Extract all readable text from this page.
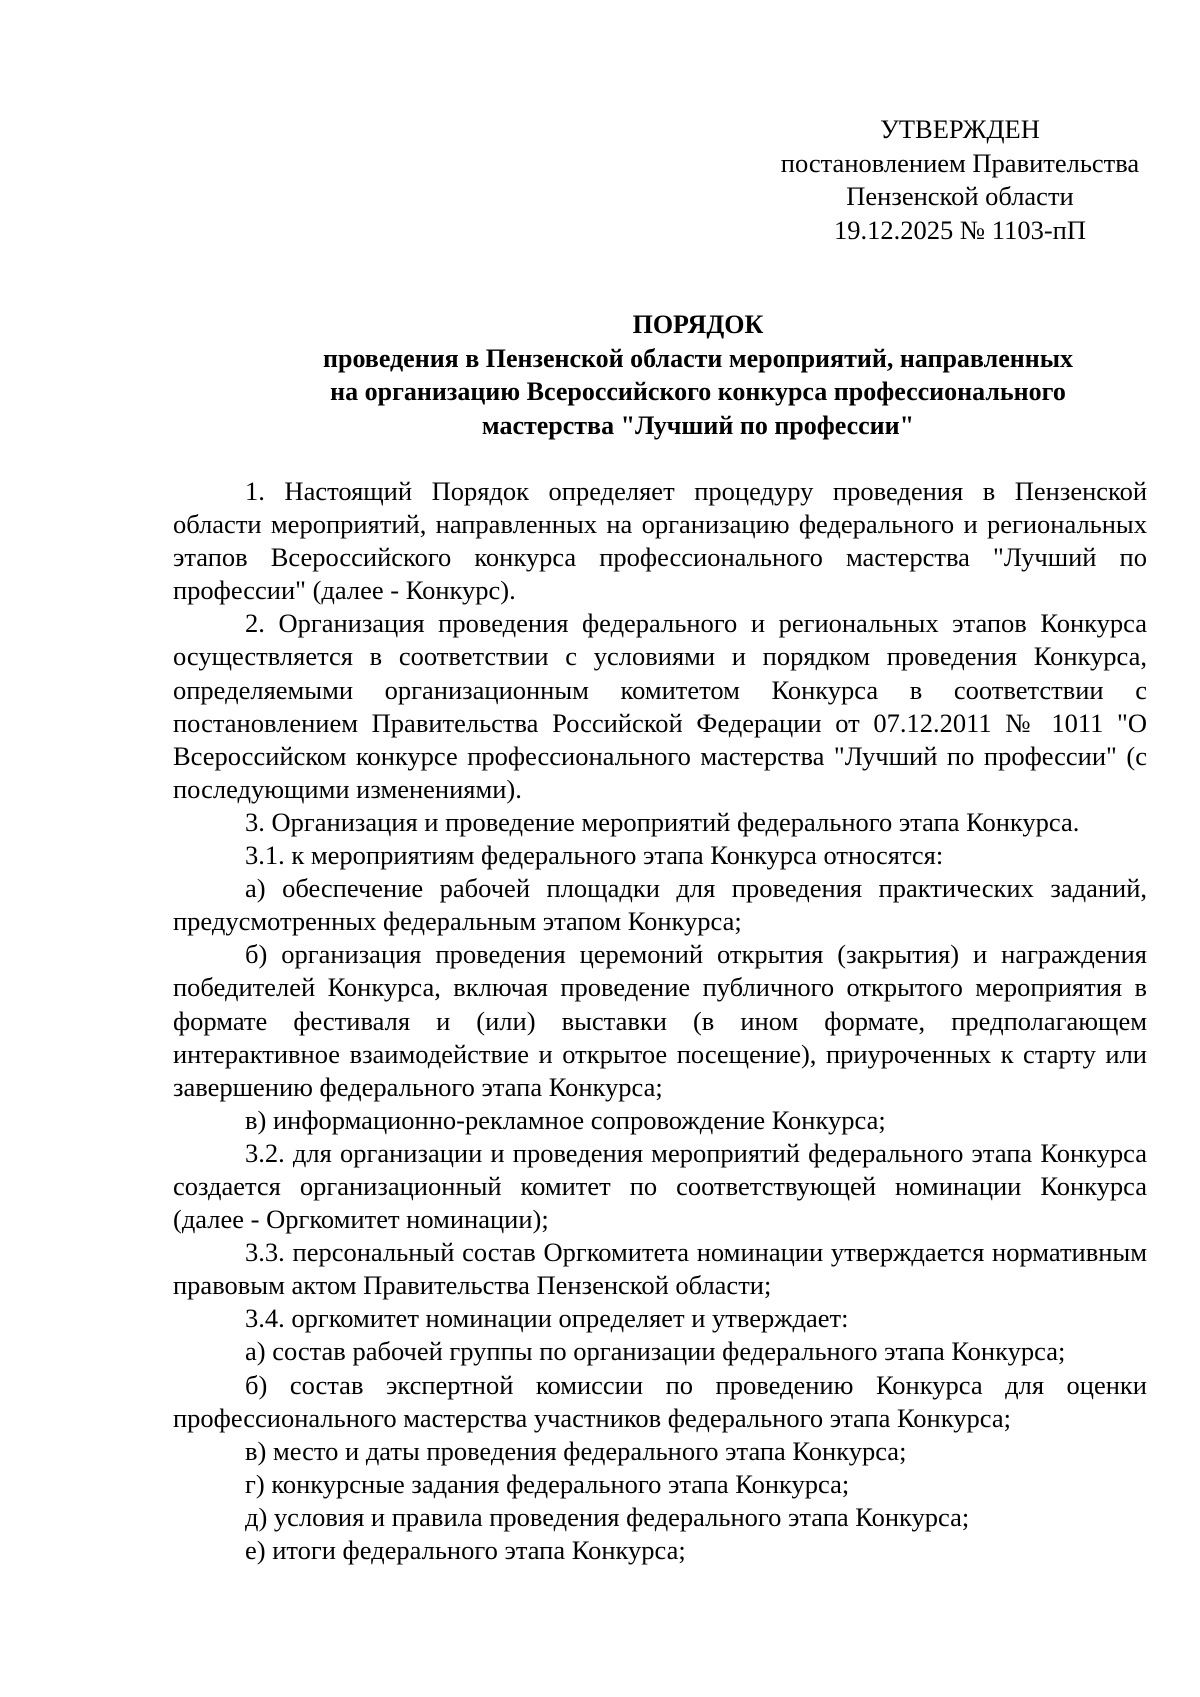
УТВЕРЖДЕН
постановлением Правительства
Пензенской области
19.12.2025 № 1103-пП
ПОРЯДОК
проведения в Пензенской области мероприятий, направленных
на организацию Всероссийского конкурса профессионального
мастерства "Лучший по профессии"

1. Настоящий Порядок определяет процедуру проведения в Пензенской области мероприятий, направленных на организацию федерального и региональных этапов Всероссийского конкурса профессионального мастерства "Лучший по профессии" (далее - Конкурс).

2. Организация проведения федерального и региональных этапов Конкурса осуществляется в соответствии с условиями и порядком проведения Конкурса, определяемыми организационным комитетом Конкурса в соответствии с постановлением Правительства Российской Федерации от 07.12.2011 № 1011 "О Всероссийском конкурсе профессионального мастерства "Лучший по профессии" (с последующими изменениями).

3. Организация и проведение мероприятий федерального этапа Конкурса.

3.1. к мероприятиям федерального этапа Конкурса относятся:

а) обеспечение рабочей площадки для проведения практических заданий, предусмотренных федеральным этапом Конкурса;

б) организация проведения церемоний открытия (закрытия) и награждения победителей Конкурса, включая проведение публичного открытого мероприятия в формате фестиваля и (или) выставки (в ином формате, предполагающем интерактивное взаимодействие и открытое посещение), приуроченных к старту или завершению федерального этапа Конкурса;

в) информационно-рекламное сопровождение Конкурса;

3.2. для организации и проведения мероприятий федерального этапа Конкурса создается организационный комитет по соответствующей номинации Конкурса (далее - Оргкомитет номинации);

3.3. персональный состав Оргкомитета номинации утверждается нормативным правовым актом Правительства Пензенской области;

3.4. оргкомитет номинации определяет и утверждает:

а) состав рабочей группы по организации федерального этапа Конкурса;

б) состав экспертной комиссии по проведению Конкурса для оценки профессионального мастерства участников федерального этапа Конкурса;

в) место и даты проведения федерального этапа Конкурса;

г) конкурсные задания федерального этапа Конкурса;

д) условия и правила проведения федерального этапа Конкурса;

е) итоги федерального этапа Конкурса;
